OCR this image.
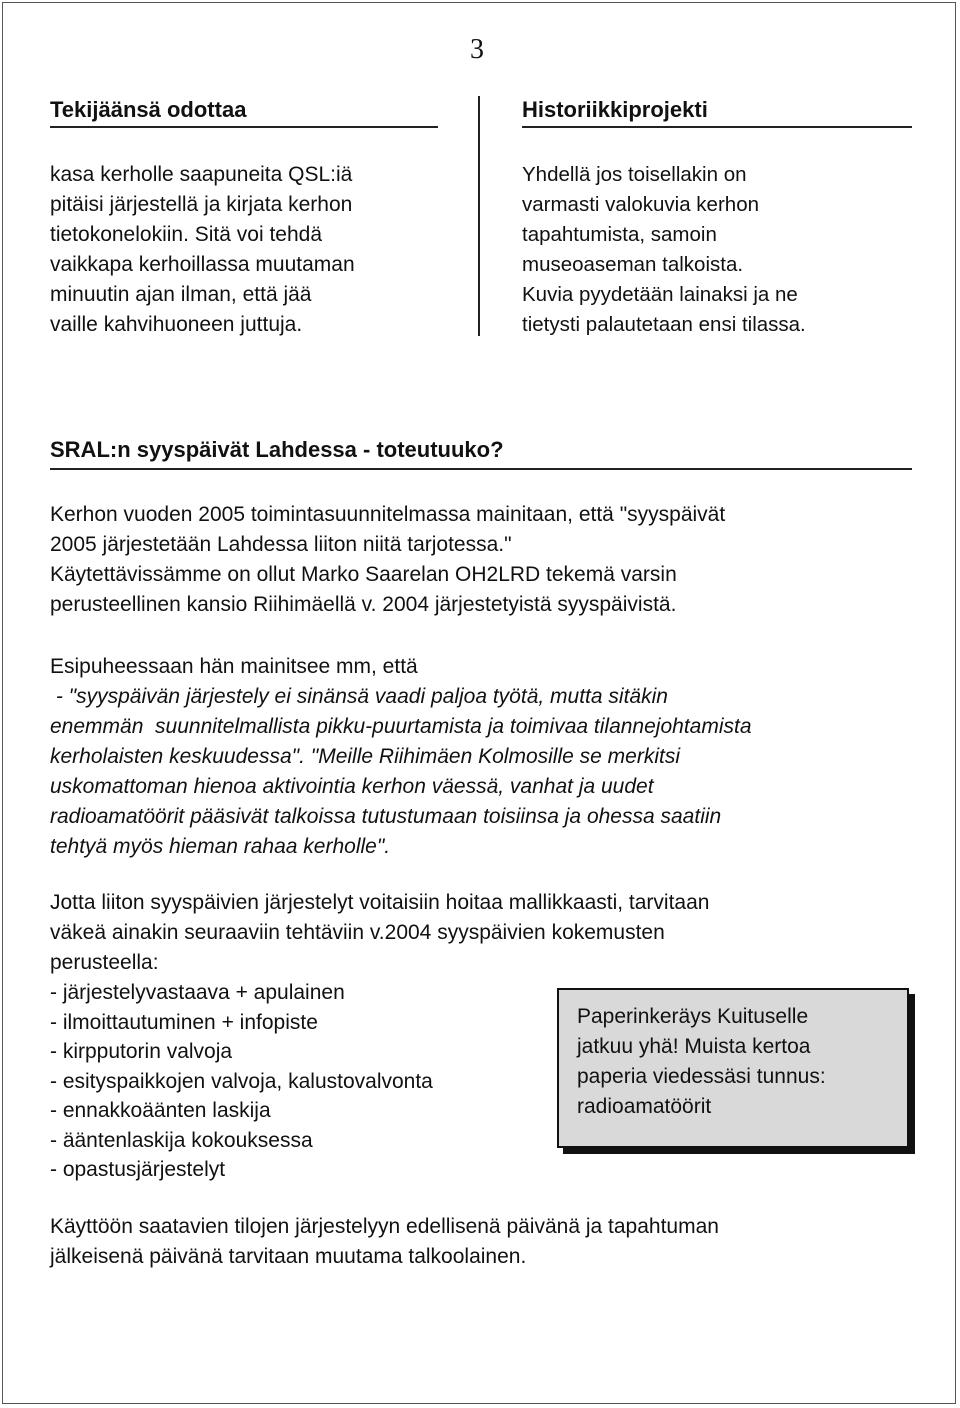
3
Tekijäänsä odottaa
kasa kerholle saapuneita QSL:iä
pitäisi järjestellä ja kirjata kerhon
tietokonelokiin. Sitä voi tehdä
vaikkapa kerhoillassa muutaman
minuutin ajan ilman, että jää
vaille kahvihuoneen juttuja.
Historiikkiprojekti
Yhdellä jos toisellakin on
varmasti valokuvia kerhon
tapahtumista, samoin
museoaseman talkoista.
Kuvia pyydetään lainaksi ja ne
tietysti palautetaan ensi tilassa.
SRAL:n syyspäivät Lahdessa - toteutuuko?
Kerhon vuoden 2005 toimintasuunnitelmassa mainitaan, että "syyspäivät
2005 järjestetään Lahdessa liiton niitä tarjotessa."
Käytettävissämme on ollut Marko Saarelan OH2LRD tekemä varsin
perusteellinen kansio Riihimäellä v. 2004 järjestetyistä syyspäivistä.
Esipuheessaan hän mainitsee mm, että
- "syyspäivän järjestely ei sinänsä vaadi paljoa työtä, mutta sitäkin
enemmän  suunnitelmallista pikku-puurtamista ja toimivaa tilannejohtamista
kerholaisten keskuudessa". "Meille Riihimäen Kolmosille se merkitsi
uskomattoman hienoa aktivointia kerhon väessä, vanhat ja uudet
radioamatöörit pääsivät talkoissa tutustumaan toisiinsa ja ohessa saatiin
tehtyä myös hieman rahaa kerholle".
Jotta liiton syyspäivien järjestelyt voitaisiin hoitaa mallikkaasti, tarvitaan
väkeä ainakin seuraaviin tehtäviin v.2004 syyspäivien kokemusten
perusteella:
- järjestelyvastaava + apulainen
- ilmoittautuminen + infopiste
- kirpputorin valvoja
- esityspaikkojen valvoja, kalustovalvonta
- ennakkoäänten laskija
- ääntenlaskija kokouksessa
- opastusjärjestelyt
Paperinkeräys Kuituselle
jatkuu yhä! Muista kertoa
paperia viedessäsi tunnus:
radioamatöörit
Käyttöön saatavien tilojen järjestelyyn edellisenä päivänä ja tapahtuman
jälkeisenä päivänä tarvitaan muutama talkoolainen.
